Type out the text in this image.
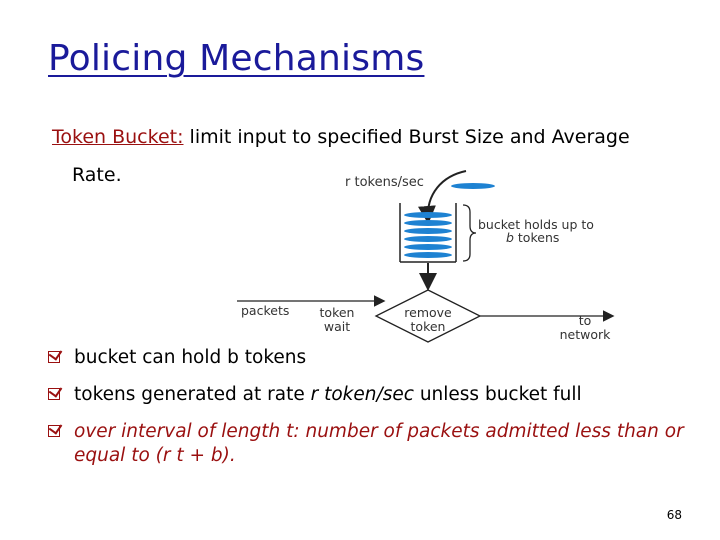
Policing Mechanisms
Token Bucket: limit input to specified Burst Size and Average
Rate.	r tokens/sec
bucket holds up to
b tokens
packets token
wait
remove
token	to
network
bucket can hold b tokens
tokens generated at rate r token/sec unless bucket full
over interval of length t: number of packets admitted less than or equal to (r t + b).
68
